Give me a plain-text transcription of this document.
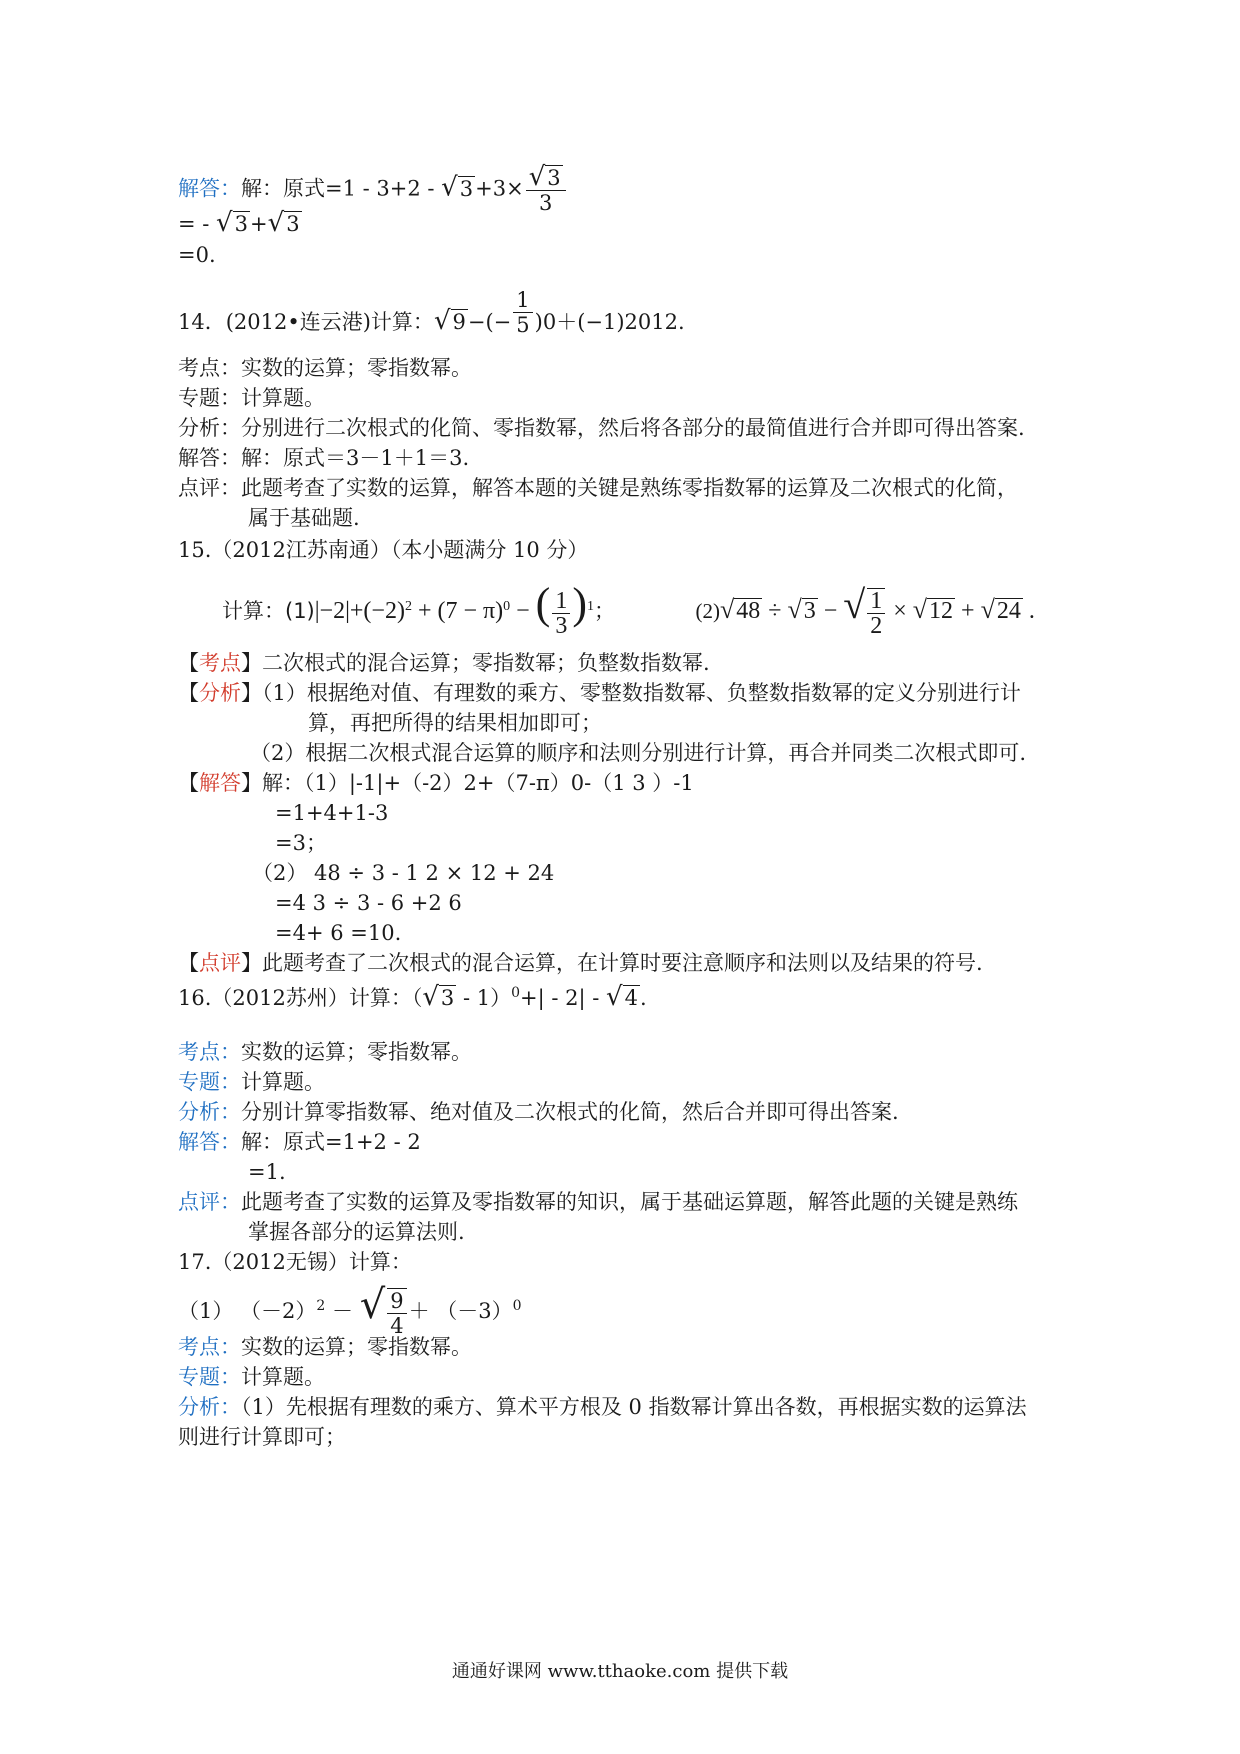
解答：解：原式$=1 - 3+2 - √3+3\times \frac{√3}{3}$
= - √3+√3
=0.
14．(2012•连云港)计算：$√9-(- \frac{1}{5} )0+(-1)2012$.
考点：实数的运算；零指数幂。
专题：计算题。
分析：分别进行二次根式的化简、零指数幂，然后将各部分的最简值进行合并即可得出答案.
解答：解：原式＝3－1＋1＝3.
点评：此题考查了实数的运算，解答本题的关键是熟练零指数幂的运算及二次根式的化简，
属于基础题.
15.（2012江苏南通）（本小题满分 10 分）
计算：$(1)|-2|+(-2)^2 + (7 - \pi)^0$ − ( $\frac{1}{3} )^1$；	(2)√48 ÷ √3 − √ $\frac{1}{2} \times √12 + √24$ .
【考点】二次根式的混合运算；零指数幂；负整数指数幂.
【分析】（1）根据绝对值、有理数的乘方、零整数指数幂、负整数指数幂的定义分别进行计
算，再把所得的结果相加即可；
（2）根据二次根式混合运算的顺序和法则分别进行计算，再合并同类二次根式即可.
【解答】解：（1）|-1|+（-2）2+（7-π）0-（1 3 ）-1
=1+4+1-3
=3；
（2） 48 ÷ 3 - 1 2 × 12 + 24
=4 3 ÷ 3 - 6 +2 6
=4+ 6 =10.
【点评】此题考查了二次根式的混合运算，在计算时要注意顺序和法则以及结果的符号.
16.（2012苏州）计算：（√3 - 1）$^0$+| - 2| - √4.
考点：实数的运算；零指数幂。
专题：计算题。
分析：分别计算零指数幂、绝对值及二次根式的化简，然后合并即可得出答案.
解答：解：原式=1+2 - 2
=1.
点评：此题考查了实数的运算及零指数幂的知识，属于基础运算题，解答此题的关键是熟练
掌握各部分的运算法则.
17.（2012无锡）计算：
（1） $(-2)^2$ － √ $\frac{9}{4} + (-3)^0$
考点：实数的运算；零指数幂。
专题：计算题。
分析：（1）先根据有理数的乘方、算术平方根及 0 指数幂计算出各数，再根据实数的运算法
则进行计算即可；
通通好课网 www.tthaoke.com 提供下载
